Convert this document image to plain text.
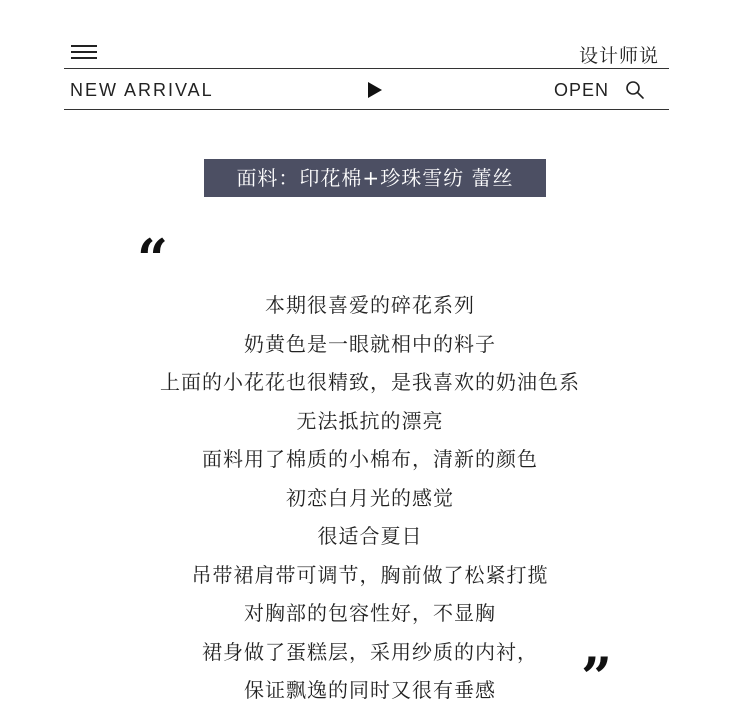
设计师说
NEW ARRIVAL	OPEN
面料：印花棉+珍珠雪纺 蕾丝
“
本期很喜爱的碎花系列
奶黄色是一眼就相中的料子
上面的小花花也很精致，是我喜欢的奶油色系
无法抵抗的漂亮
面料用了棉质的小棉布，清新的颜色
初恋白月光的感觉
很适合夏日
吊带裙肩带可调节，胸前做了松紧打揽
对胸部的包容性好，不显胸
裙身做了蛋糕层，采用纱质的内衬，
保证飘逸的同时又很有垂感	”
